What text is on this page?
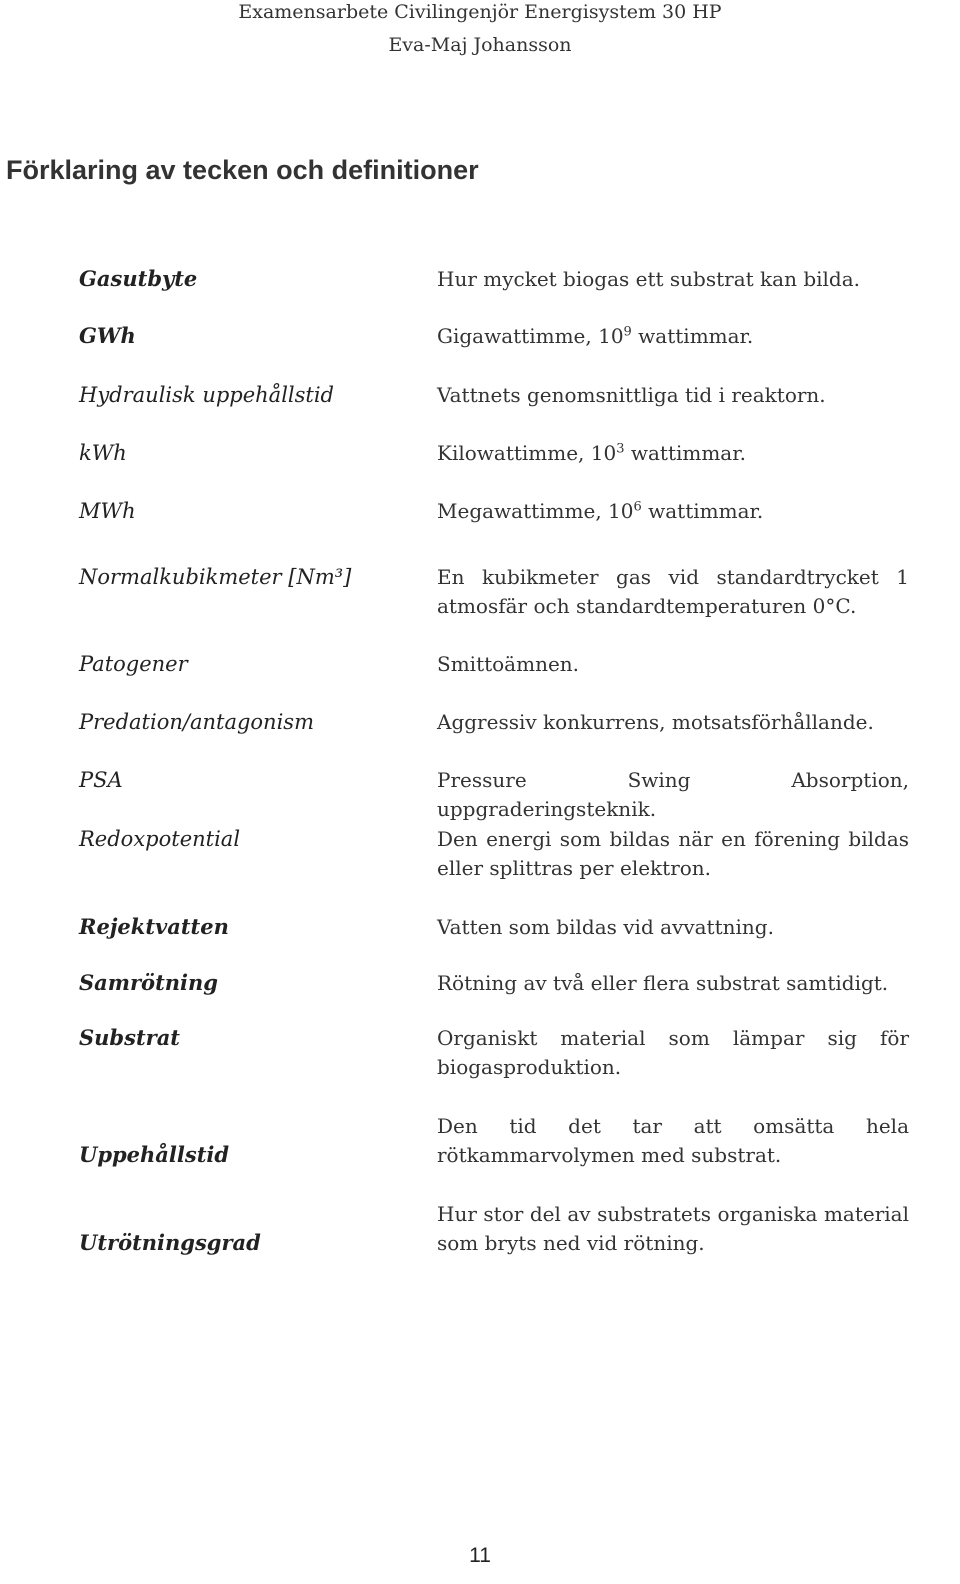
Examensarbete Civilingenjör Energisystem 30 HP
Eva-Maj Johansson
Förklaring av tecken och definitioner
Gasutbyte
GWh
Hydraulisk uppehållstid
kWh
MWh
Normalkubikmeter [Nm³]
Patogener
Predation/antagonism
PSA
Redoxpotential
Rejektvatten
Samrötning
Substrat
Uppehållstid
Utrötningsgrad
Hur mycket biogas ett substrat kan bilda.
Gigawattimme, $10^9$ wattimmar.
Vattnets genomsnittliga tid i reaktorn.
Kilowattimme, $10^3$ wattimmar.
Megawattimme, $10^6$ wattimmar.
En kubikmeter gas vid standardtrycket 1 atmosfär och standardtemperaturen 0°C.
Smittoämnen.
Aggressiv konkurrens, motsatsförhållande.
Pressure Swing Absorption, uppgraderingsteknik.
Den energi som bildas när en förening bildas eller splittras per elektron.
Vatten som bildas vid avvattning.
Rötning av två eller flera substrat samtidigt.
Organiskt material som lämpar sig för biogasproduktion.
Den tid det tar att omsätta hela rötkammarvolymen med substrat.
Hur stor del av substratets organiska material som bryts ned vid rötning.
11
